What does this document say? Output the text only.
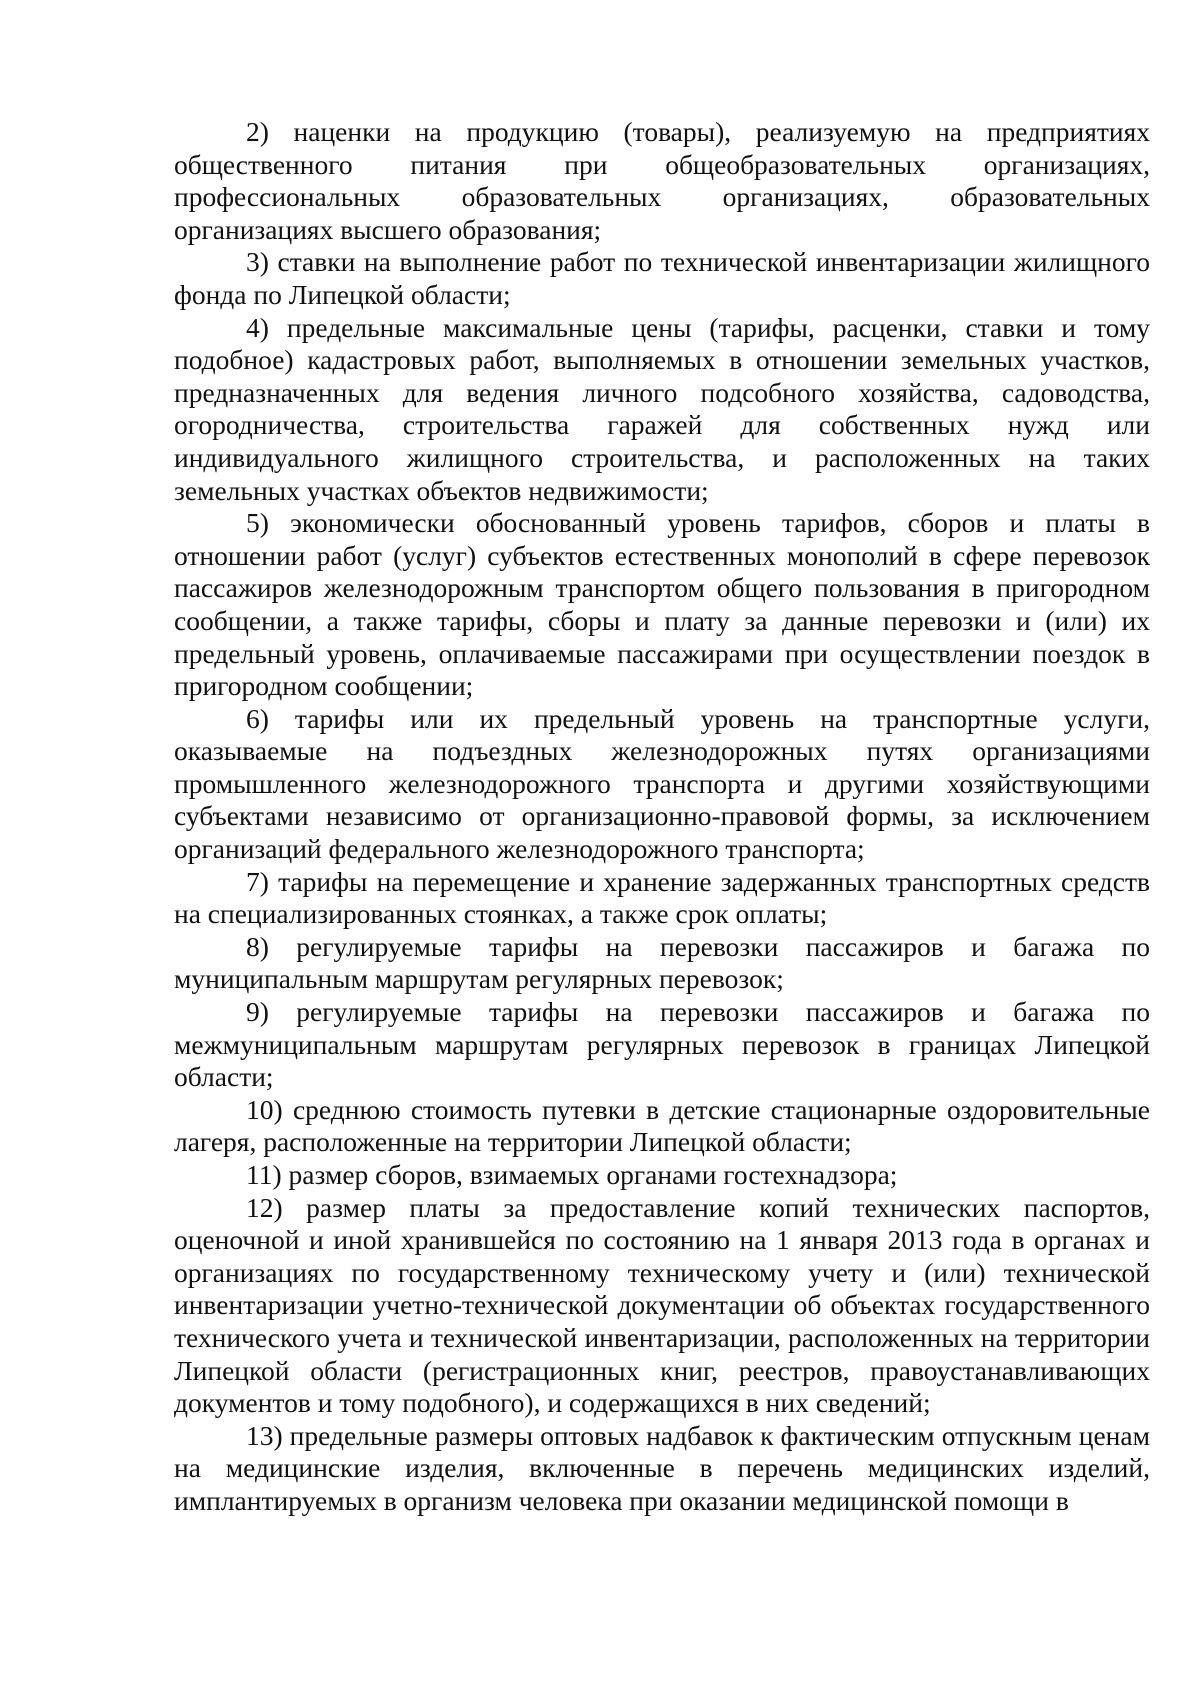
2) наценки на продукцию (товары), реализуемую на предприятиях общественного питания при общеобразовательных организациях, профессиональных образовательных организациях, образовательных организациях высшего образования;

3) ставки на выполнение работ по технической инвентаризации жилищного фонда по Липецкой области;

4) предельные максимальные цены (тарифы, расценки, ставки и тому подобное) кадастровых работ, выполняемых в отношении земельных участков, предназначенных для ведения личного подсобного хозяйства, садоводства, огородничества, строительства гаражей для собственных нужд или индивидуального жилищного строительства, и расположенных на таких земельных участках объектов недвижимости;

5) экономически обоснованный уровень тарифов, сборов и платы в отношении работ (услуг) субъектов естественных монополий в сфере перевозок пассажиров железнодорожным транспортом общего пользования в пригородном сообщении, а также тарифы, сборы и плату за данные перевозки и (или) их предельный уровень, оплачиваемые пассажирами при осуществлении поездок в пригородном сообщении;

6) тарифы или их предельный уровень на транспортные услуги, оказываемые на подъездных железнодорожных путях организациями промышленного железнодорожного транспорта и другими хозяйствующими субъектами независимо от организационно-правовой формы, за исключением организаций федерального железнодорожного транспорта;

7) тарифы на перемещение и хранение задержанных транспортных средств на специализированных стоянках, а также срок оплаты;

8) регулируемые тарифы на перевозки пассажиров и багажа по муниципальным маршрутам регулярных перевозок;

9) регулируемые тарифы на перевозки пассажиров и багажа по межмуниципальным маршрутам регулярных перевозок в границах Липецкой области;

10) среднюю стоимость путевки в детские стационарные оздоровительные лагеря, расположенные на территории Липецкой области;

11) размер сборов, взимаемых органами гостехнадзора;

12) размер платы за предоставление копий технических паспортов, оценочной и иной хранившейся по состоянию на 1 января 2013 года в органах и организациях по государственному техническому учету и (или) технической инвентаризации учетно-технической документации об объектах государственного технического учета и технической инвентаризации, расположенных на территории Липецкой области (регистрационных книг, реестров, правоустанавливающих документов и тому подобного), и содержащихся в них сведений;

13) предельные размеры оптовых надбавок к фактическим отпускным ценам на медицинские изделия, включенные в перечень медицинских изделий, имплантируемых в организм человека при оказании медицинской помощи в
